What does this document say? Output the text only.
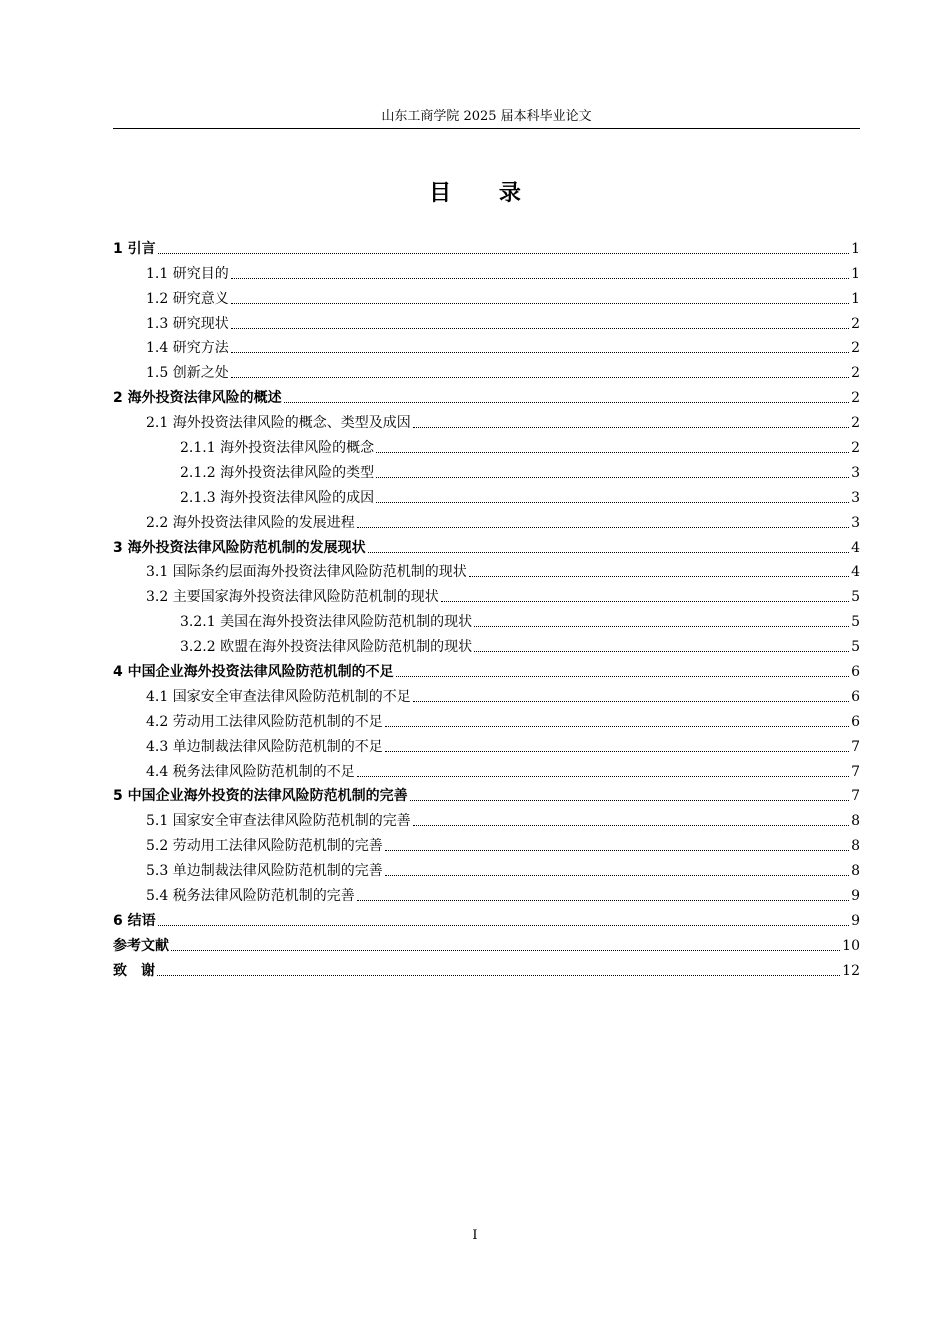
山东工商学院 2025 届本科毕业论文
目 录
1 引言	1
1.1 研究目的	1
1.2 研究意义	1
1.3 研究现状	2
1.4 研究方法	2
1.5 创新之处	2
2 海外投资法律风险的概述	2
2.1 海外投资法律风险的概念、类型及成因	2
2.1.1 海外投资法律风险的概念	2
2.1.2 海外投资法律风险的类型	3
2.1.3 海外投资法律风险的成因	3
2.2 海外投资法律风险的发展进程	3
3 海外投资法律风险防范机制的发展现状	4
3.1 国际条约层面海外投资法律风险防范机制的现状	4
3.2 主要国家海外投资法律风险防范机制的现状	5
3.2.1 美国在海外投资法律风险防范机制的现状	5
3.2.2 欧盟在海外投资法律风险防范机制的现状	5
4 中国企业海外投资法律风险防范机制的不足	6
4.1 国家安全审查法律风险防范机制的不足	6
4.2 劳动用工法律风险防范机制的不足	6
4.3 单边制裁法律风险防范机制的不足	7
4.4 税务法律风险防范机制的不足	7
5 中国企业海外投资的法律风险防范机制的完善	7
5.1 国家安全审查法律风险防范机制的完善	8
5.2 劳动用工法律风险防范机制的完善	8
5.3 单边制裁法律风险防范机制的完善	8
5.4 税务法律风险防范机制的完善	9
6 结语	9
参考文献	10
致　谢	12
I
